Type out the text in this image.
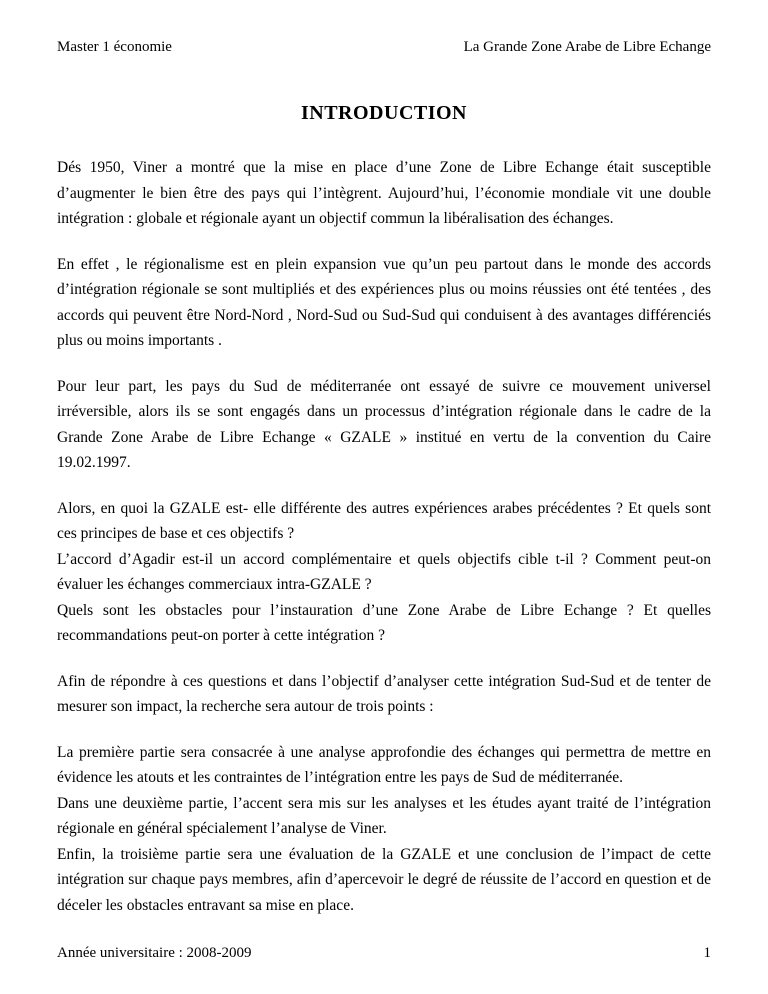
Master 1 économie	La Grande Zone Arabe de Libre Echange
INTRODUCTION

Dés 1950, Viner a montré que la mise en place d’une Zone de Libre Echange était susceptible d’augmenter le bien être des pays qui l’intègrent. Aujourd’hui, l’économie mondiale vit une double intégration : globale et régionale ayant un objectif commun la libéralisation des échanges.

En effet , le régionalisme est en plein expansion vue qu’un peu partout dans le monde des accords d’intégration régionale se sont multipliés et des expériences plus ou moins réussies ont été tentées , des accords qui peuvent être Nord-Nord , Nord-Sud ou Sud-Sud qui conduisent à des avantages différenciés plus ou moins importants .

Pour leur part, les pays du Sud de méditerranée ont essayé de suivre ce mouvement universel irréversible, alors ils se sont engagés dans un processus d’intégration régionale dans le cadre de la Grande Zone Arabe de Libre Echange « GZALE » institué en vertu de la convention du Caire 19.02.1997.

Alors, en quoi la GZALE est- elle différente des autres expériences arabes précédentes ? Et quels sont ces principes de base et ces objectifs ?

L’accord d’Agadir est-il un accord complémentaire et quels objectifs cible t-il ? Comment peut-on évaluer les échanges commerciaux intra-GZALE ?

Quels sont les obstacles pour l’instauration d’une Zone Arabe de Libre Echange ? Et quelles recommandations peut-on porter à cette intégration ?

Afin de répondre à ces questions et dans l’objectif d’analyser cette intégration Sud-Sud et de tenter de mesurer son impact, la recherche sera autour de trois points :

La première partie sera consacrée à une analyse approfondie des échanges qui permettra de mettre en évidence les atouts et les contraintes de l’intégration entre les pays de Sud de méditerranée.

Dans une deuxième partie, l’accent sera mis sur les analyses et les études ayant traité de l’intégration régionale en général spécialement l’analyse de Viner.

Enfin, la troisième partie sera une évaluation de la GZALE et une conclusion de l’impact de cette intégration sur chaque pays membres, afin d’apercevoir le degré de réussite de l’accord en question et de déceler les obstacles entravant sa mise en place.

Année universitaire : 2008-2009	1
